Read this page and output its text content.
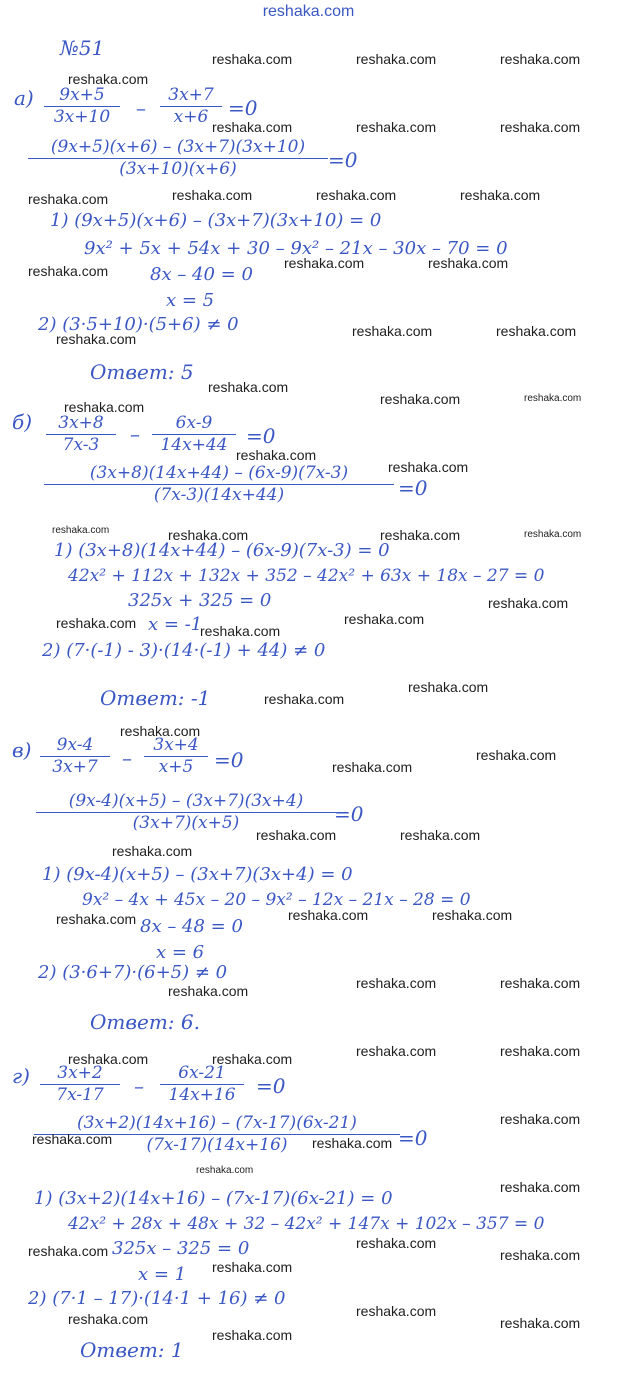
reshaka.com
№51
а)	9x+5
3x+10	–
3x+7
x+6 =0
(9x+5)(x+6) – (3x+7)(3x+10)
(3x+10)(x+6)	=0
1) (9x+5)(x+6) – (3x+7)(3x+10) = 0
9x² + 5x + 54x + 30 – 9x² – 21x – 30x – 70 = 0
8x – 40 = 0
x = 5
2) (3·5+10)·(5+6) ≠ 0
Ответ: 5
б)	3x+8
7x-3	–	6x-9
14x+44 =0
(3x+8)(14x+44) – (6x-9)(7x-3)
(7x-3)(14x+44)	=0
1) (3x+8)(14x+44) – (6x-9)(7x-3) = 0
42x² + 112x + 132x + 352 – 42x² + 63x + 18x – 27 = 0
325x + 325 = 0
x = -1
2) (7·(-1) - 3)·(14·(-1) + 44) ≠ 0
Ответ: -1
в)	9x-4
3x+7	–
3x+4
x+5	=0
(9x-4)(x+5) – (3x+7)(3x+4)
(3x+7)(x+5)	=0
1) (9x-4)(x+5) – (3x+7)(3x+4) = 0
9x² – 4x + 45x – 20 – 9x² – 12x – 21x – 28 = 0
8x – 48 = 0
x = 6
2) (3·6+7)·(6+5) ≠ 0
Ответ: 6.
г)	3x+2
7x-17	–
6x-21
14x+16	=0
(3x+2)(14x+16) – (7x-17)(6x-21)
(7x-17)(14x+16)	=0
1) (3x+2)(14x+16) – (7x-17)(6x-21) = 0
42x² + 28x + 48x + 32 – 42x² + 147x + 102x – 357 = 0
325x – 325 = 0
x = 1
2) (7·1 – 17)·(14·1 + 16) ≠ 0
Ответ: 1
reshaka.com	reshaka.com	reshaka.com
reshaka.com
reshaka.com	reshaka.com	reshaka.com
reshaka.com	reshaka.com	reshaka.com
reshaka.com
reshaka.com	reshaka.com
reshaka.com
reshaka.com	reshaka.com
reshaka.com
reshaka.com
reshaka.com	reshaka.com
reshaka.com
reshaka.com
reshaka.com
reshaka.com	reshaka.com	reshaka.com	reshaka.com
reshaka.com
reshaka.com	reshaka.com
reshaka.com
reshaka.com
reshaka.com
reshaka.com
reshaka.com
reshaka.com
reshaka.com	reshaka.com
reshaka.com
reshaka.com	reshaka.com
reshaka.com
reshaka.com	reshaka.com
reshaka.com
reshaka.com	reshaka.com
reshaka.com	reshaka.com
reshaka.com
reshaka.com	reshaka.com
reshaka.com
reshaka.com
reshaka.com
reshaka.com	reshaka.com
reshaka.com
reshaka.com
reshaka.com	reshaka.com
reshaka.com
